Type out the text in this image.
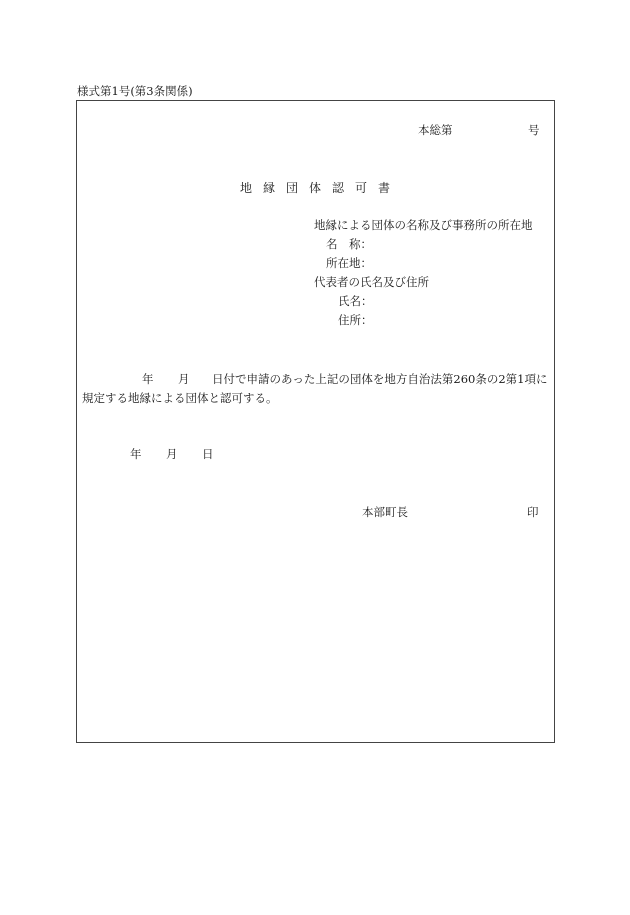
様式第1号(第3条関係)
本総第	号
地縁団体認可書
地縁による団体の名称及び事務所の所在地
名　称：
所在地：
代表者の氏名及び住所
氏名：
住所：
年 月 日付で申請のあった上記の団体を地方自治法第260条の2第1項に
規定する地縁による団体と認可する。
年 月 日
本部町長	印
